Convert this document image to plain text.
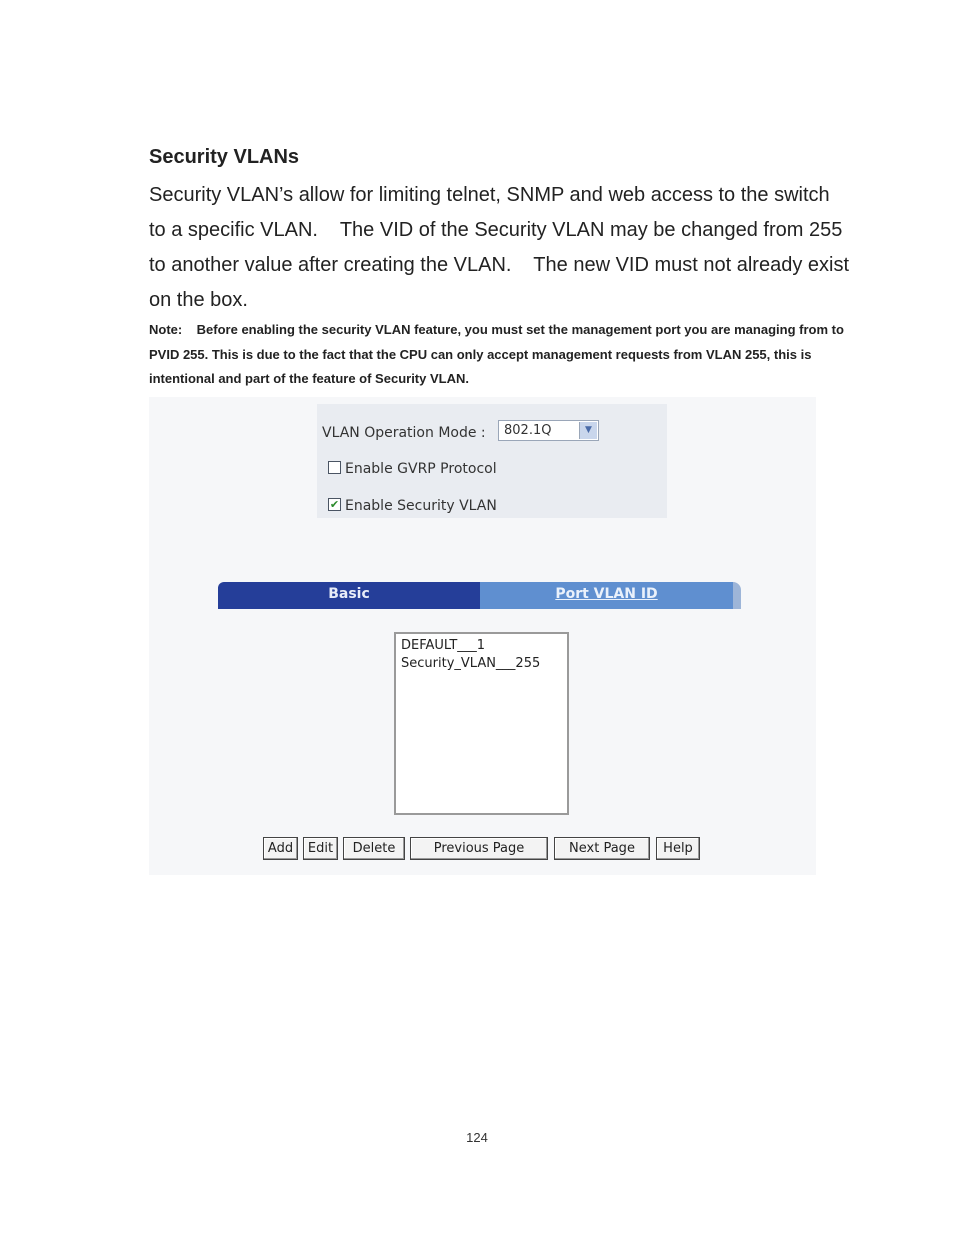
Security VLANs

Security VLAN’s allow for limiting telnet, SNMP and web access to the switch to a specific VLAN.    The VID of the Security VLAN may be changed from 255 to another value after creating the VLAN.    The new VID must not already exist on the box.

Note:    Before enabling the security VLAN feature, you must set the management port you are managing from to PVID 255. This is due to the fact that the CPU can only accept management requests from VLAN 255, this is intentional and part of the feature of Security VLAN.

VLAN Operation Mode : 802.1Q	▼
Enable GVRP Protocol
✔ Enable Security VLAN
Basic	Port VLAN ID
DEFAULT___1
Security_VLAN___255
Add	Edit	Delete	Previous Page	Next Page	Help

124
